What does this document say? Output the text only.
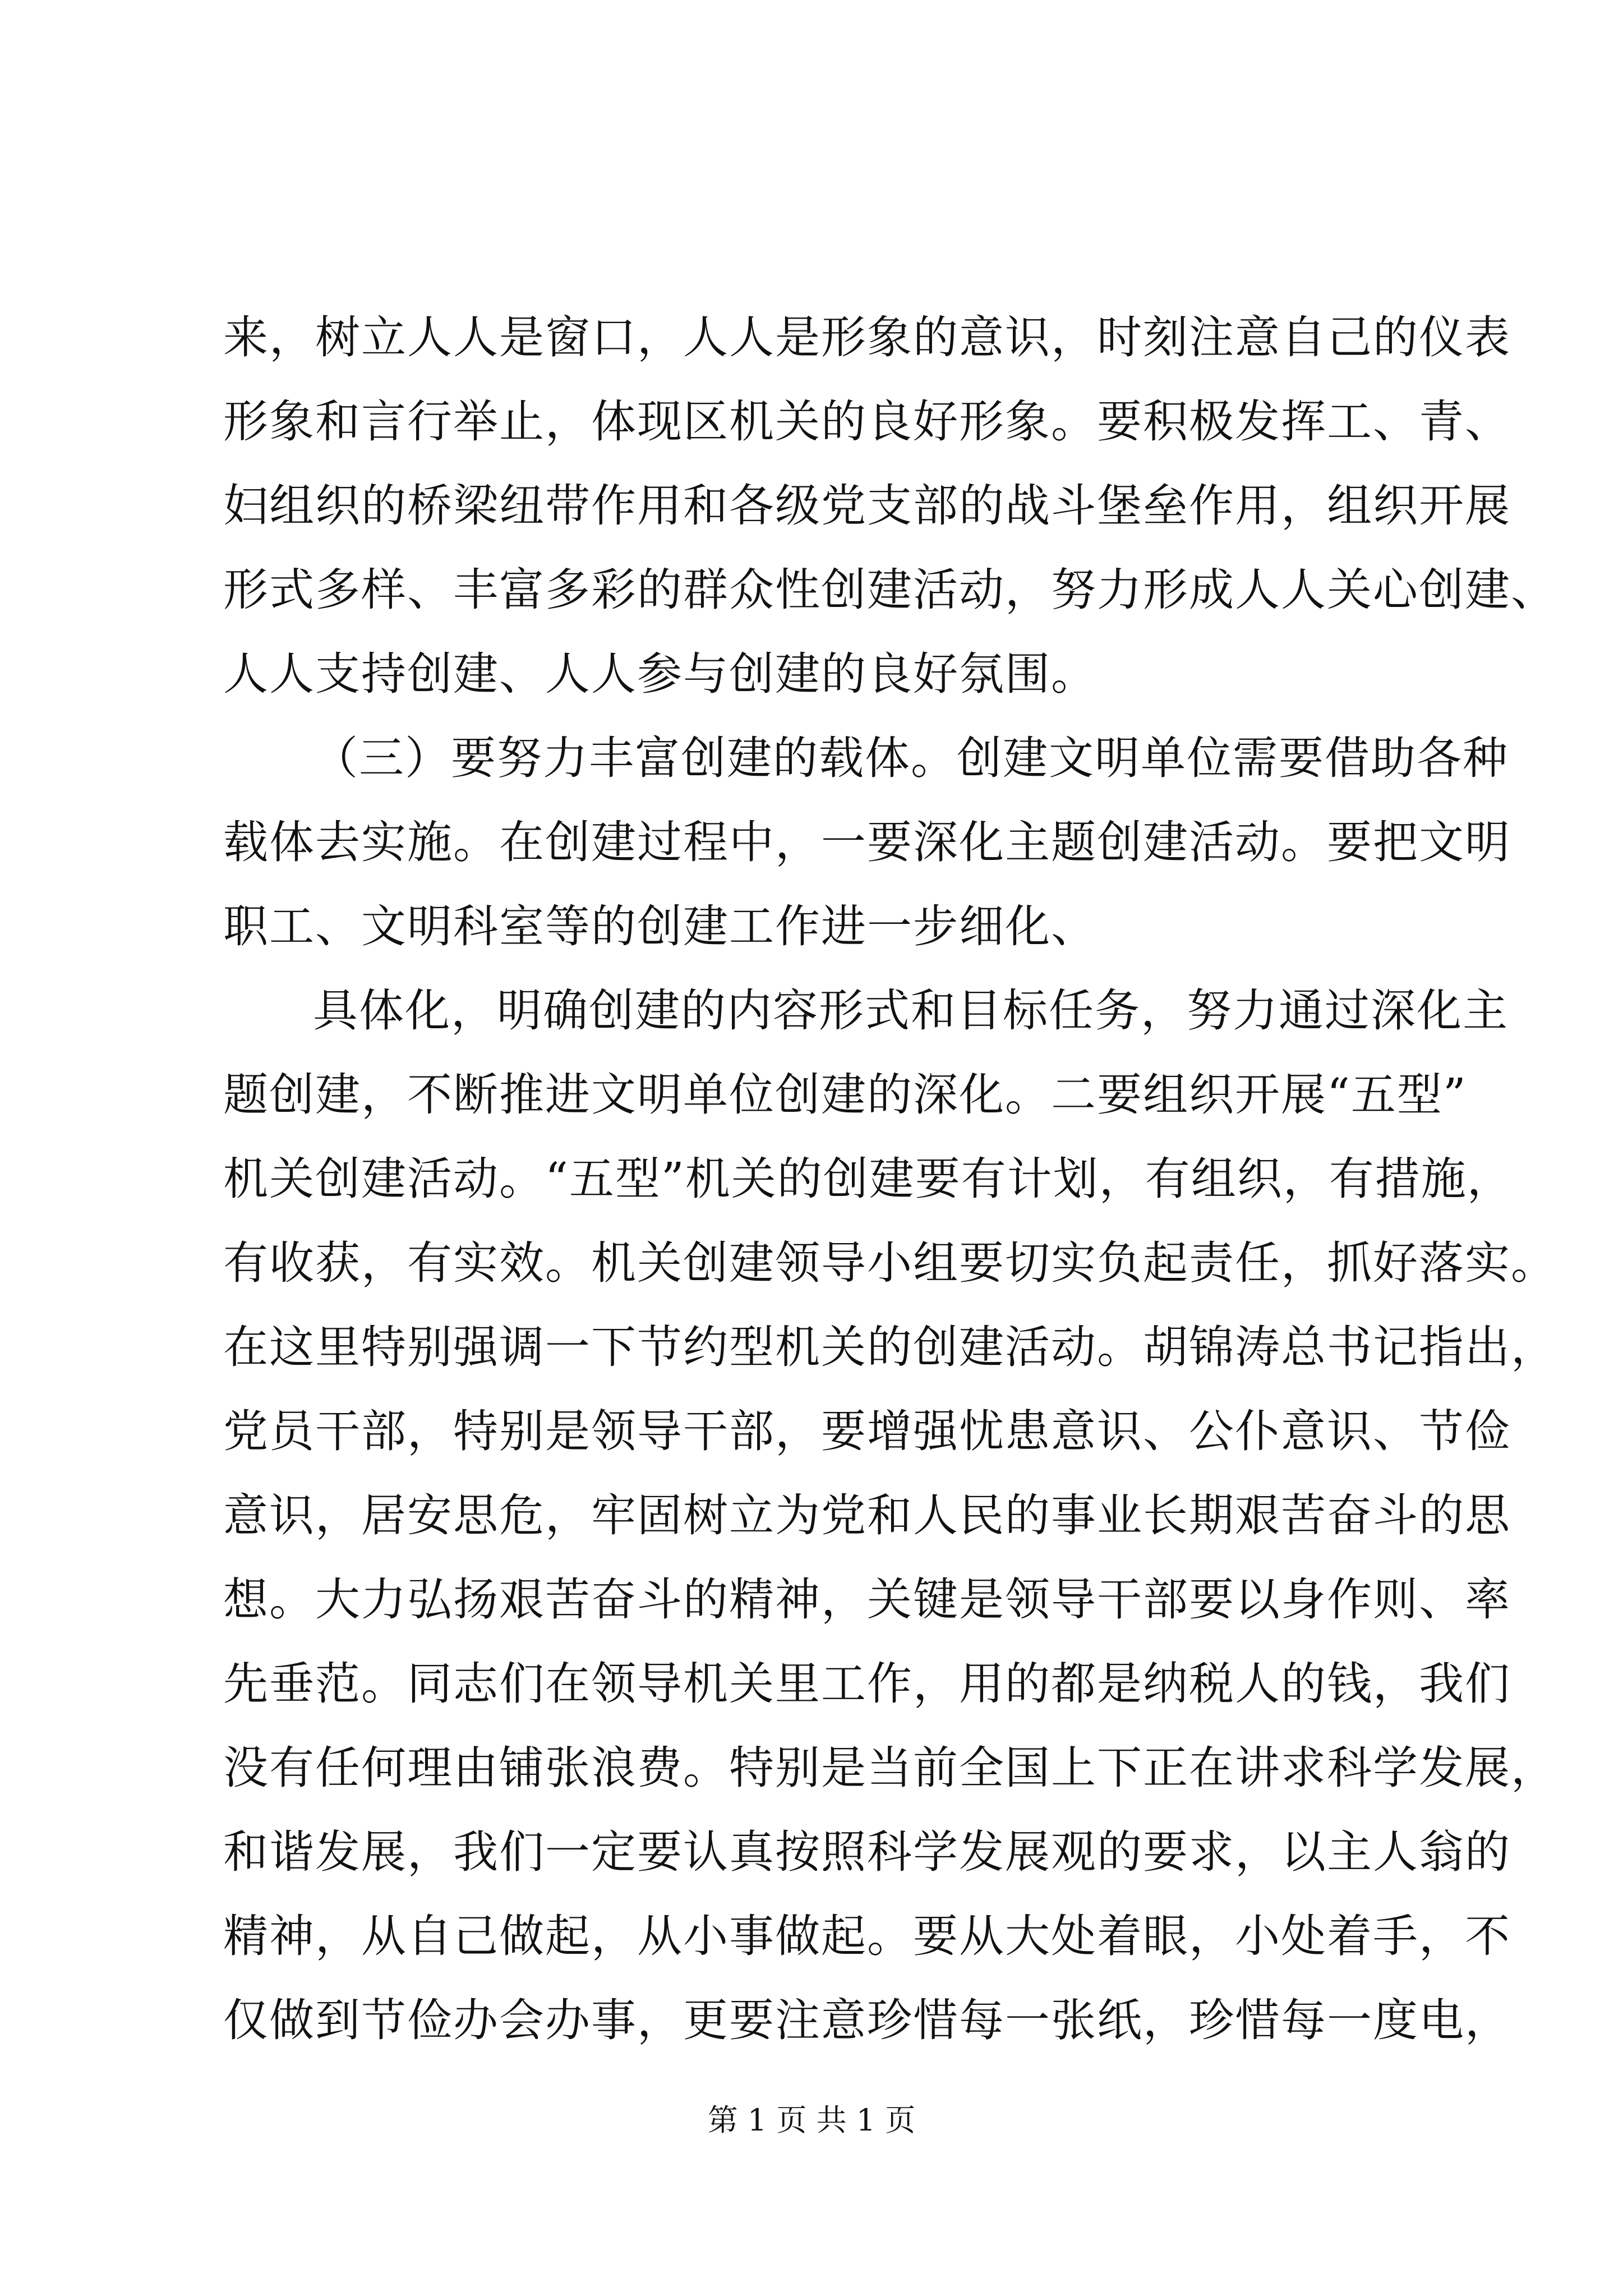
来，树立人人是窗口，人人是形象的意识，时刻注意自己的仪表
形象和言行举止，体现区机关的良好形象。要积极发挥工、青、
妇组织的桥梁纽带作用和各级党支部的战斗堡垒作用，组织开展
形式多样、丰富多彩的群众性创建活动，努力形成人人关心创建、
人人支持创建、人人参与创建的良好氛围。
（三）要努力丰富创建的载体。创建文明单位需要借助各种
载体去实施。在创建过程中，一要深化主题创建活动。要把文明
职工、文明科室等的创建工作进一步细化、
具体化，明确创建的内容形式和目标任务，努力通过深化主
题创建，不断推进文明单位创建的深化。二要组织开展“五型”
机关创建活动。“五型”机关的创建要有计划，有组织，有措施，
有收获，有实效。机关创建领导小组要切实负起责任，抓好落实。
在这里特别强调一下节约型机关的创建活动。胡锦涛总书记指出，
党员干部，特别是领导干部，要增强忧患意识、公仆意识、节俭
意识，居安思危，牢固树立为党和人民的事业长期艰苦奋斗的思
想。大力弘扬艰苦奋斗的精神，关键是领导干部要以身作则、率
先垂范。同志们在领导机关里工作，用的都是纳税人的钱，我们
没有任何理由铺张浪费。特别是当前全国上下正在讲求科学发展，
和谐发展，我们一定要认真按照科学发展观的要求，以主人翁的
精神，从自己做起，从小事做起。要从大处着眼，小处着手，不
仅做到节俭办会办事，更要注意珍惜每一张纸，珍惜每一度电，
第 1 页 共 1 页
